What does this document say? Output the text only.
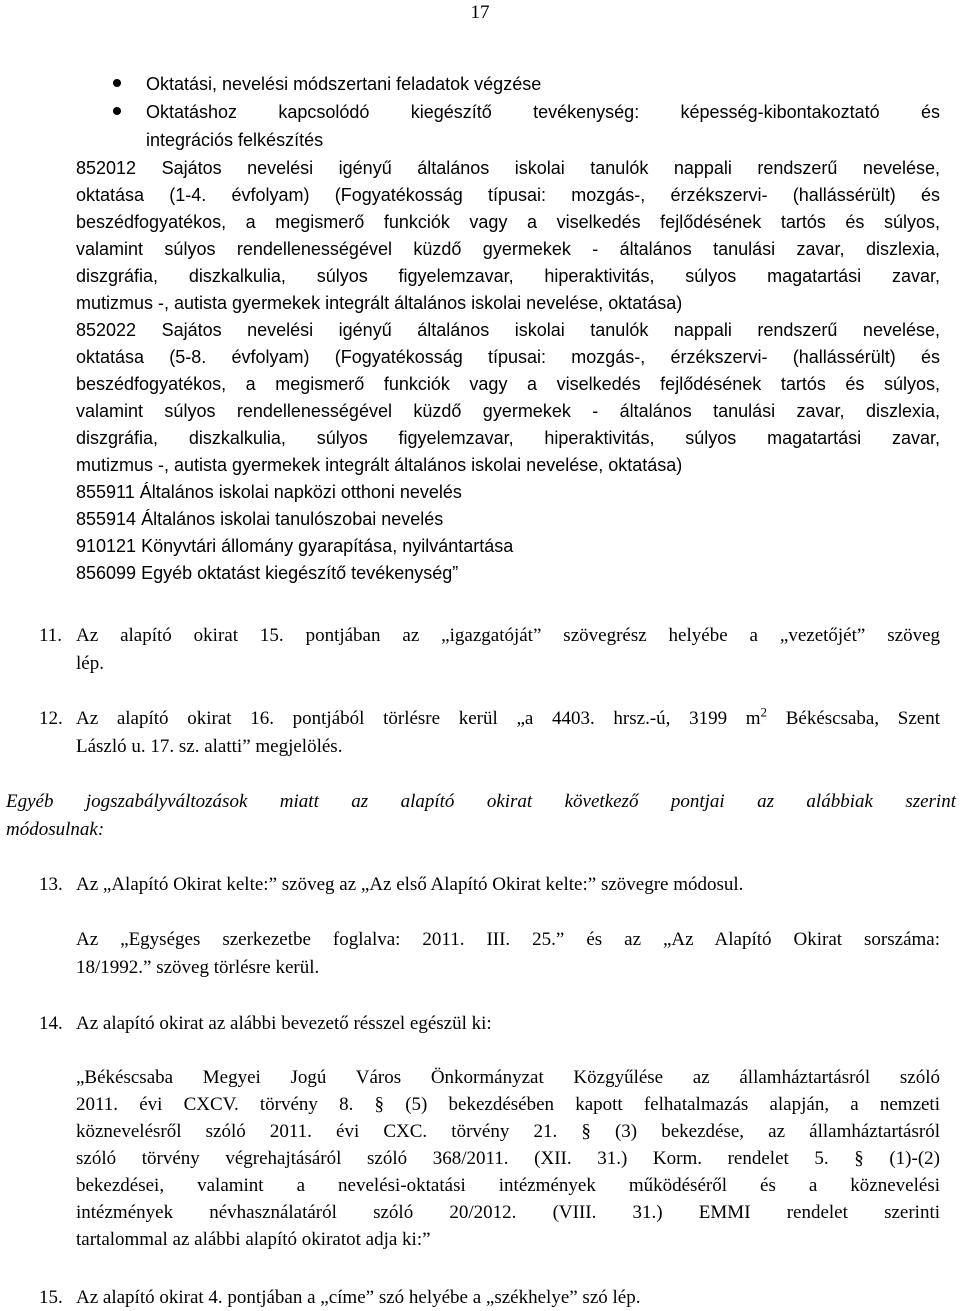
17
Oktatási, nevelési módszertani feladatok végzése
Oktatáshoz kapcsolódó kiegészítő tevékenység: képesség-kibontakoztató és
integrációs felkészítés
852012 Sajátos nevelési igényű általános iskolai tanulók nappali rendszerű nevelése,
oktatása (1-4. évfolyam) (Fogyatékosság típusai: mozgás-, érzékszervi- (hallássérült) és
beszédfogyatékos, a megismerő funkciók vagy a viselkedés fejlődésének tartós és súlyos,
valamint súlyos rendellenességével küzdő gyermekek - általános tanulási zavar, diszlexia,
diszgráfia, diszkalkulia, súlyos figyelemzavar, hiperaktivitás, súlyos magatartási zavar,
mutizmus -, autista gyermekek integrált általános iskolai nevelése, oktatása)
852022 Sajátos nevelési igényű általános iskolai tanulók nappali rendszerű nevelése,
oktatása (5-8. évfolyam) (Fogyatékosság típusai: mozgás-, érzékszervi- (hallássérült) és
beszédfogyatékos, a megismerő funkciók vagy a viselkedés fejlődésének tartós és súlyos,
valamint súlyos rendellenességével küzdő gyermekek - általános tanulási zavar, diszlexia,
diszgráfia, diszkalkulia, súlyos figyelemzavar, hiperaktivitás, súlyos magatartási zavar,
mutizmus -, autista gyermekek integrált általános iskolai nevelése, oktatása)
855911 Általános iskolai napközi otthoni nevelés
855914 Általános iskolai tanulószobai nevelés
910121 Könyvtári állomány gyarapítása, nyilvántartása
856099 Egyéb oktatást kiegészítő tevékenység”
11. Az alapító okirat 15. pontjában az „igazgatóját” szövegrész helyébe a „vezetőjét” szöveg
lép.
12. Az alapító okirat 16. pontjából törlésre kerül „a 4403. hrsz.-ú, 3199 $m^2$ Békéscsaba, Szent
László u. 17. sz. alatti” megjelölés.
Egyéb jogszabályváltozások miatt az alapító okirat következő pontjai az alábbiak szerint
módosulnak:
13. Az „Alapító Okirat kelte:” szöveg az „Az első Alapító Okirat kelte:” szövegre módosul.
Az „Egységes szerkezetbe foglalva: 2011. III. 25.” és az „Az Alapító Okirat sorszáma:
18/1992.” szöveg törlésre kerül.
14. Az alapító okirat az alábbi bevezető résszel egészül ki:
„Békéscsaba Megyei Jogú Város Önkormányzat Közgyűlése az államháztartásról szóló
2011. évi CXCV. törvény 8. § (5) bekezdésében kapott felhatalmazás alapján, a nemzeti
köznevelésről szóló 2011. évi CXC. törvény 21. § (3) bekezdése, az államháztartásról
szóló törvény végrehajtásáról szóló 368/2011. (XII. 31.) Korm. rendelet 5. § (1)-(2)
bekezdései, valamint a nevelési-oktatási intézmények működéséről és a köznevelési
intézmények névhasználatáról szóló 20/2012. (VIII. 31.) EMMI rendelet szerinti
tartalommal az alábbi alapító okiratot adja ki:”
15. Az alapító okirat 4. pontjában a „címe” szó helyébe a „székhelye” szó lép.
